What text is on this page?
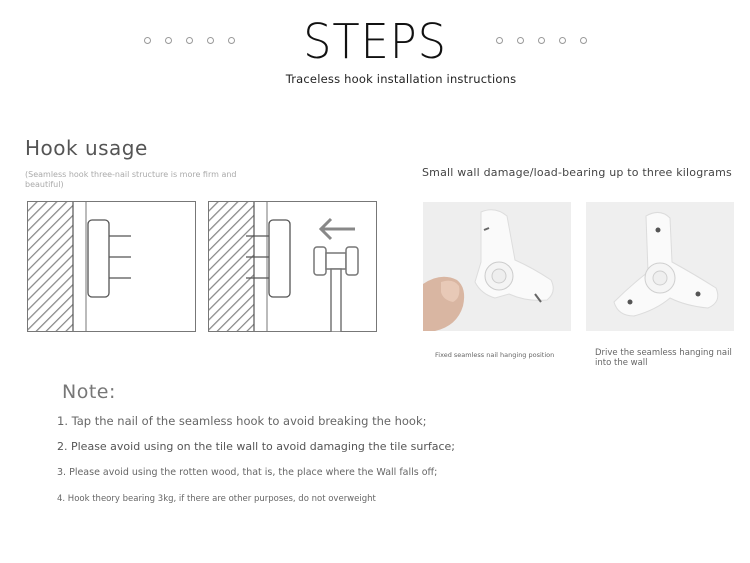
STEPS
Traceless hook installation instructions
Hook usage
(Seamless hook three-nail structure is more firm and beautiful)
Small wall damage/load-bearing up to three kilograms
Fixed seamless nail hanging position	Drive the seamless hanging nail into the wall
Note:
1. Tap the nail of the seamless hook to avoid breaking the hook;
2. Please avoid using on the tile wall to avoid damaging the tile surface;
3. Please avoid using the rotten wood, that is, the place where the Wall falls off;
4. Hook theory bearing 3kg, if there are other purposes, do not overweight
